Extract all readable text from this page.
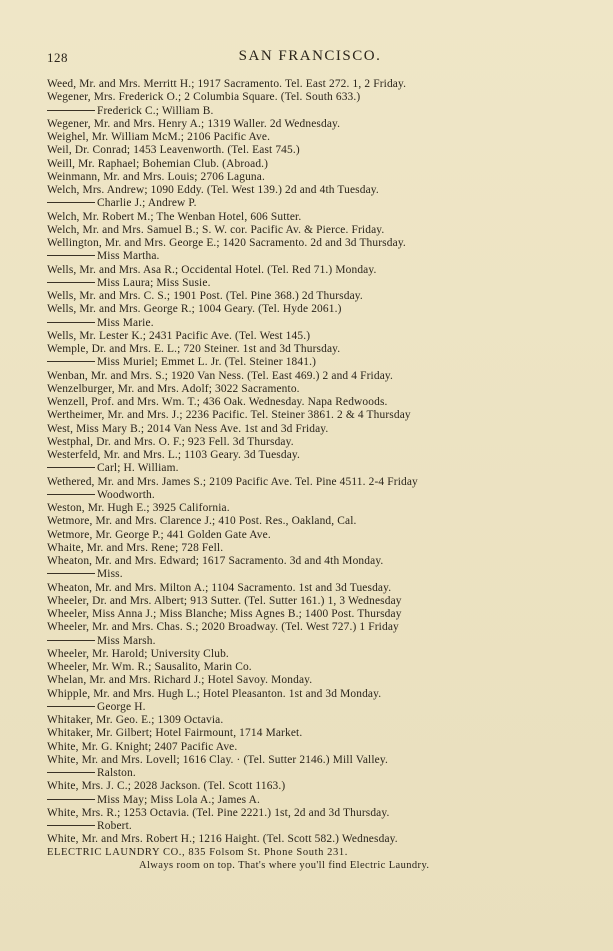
128	SAN FRANCISCO.
Weed, Mr. and Mrs. Merritt H.; 1917 Sacramento. Tel. East 272. 1, 2 Friday.
Wegener, Mrs. Frederick O.; 2 Columbia Square. (Tel. South 633.)
Frederick C.; William B.
Wegener, Mr. and Mrs. Henry A.; 1319 Waller. 2d Wednesday.
Weighel, Mr. William McM.; 2106 Pacific Ave.
Weil, Dr. Conrad; 1453 Leavenworth. (Tel. East 745.)
Weill, Mr. Raphael; Bohemian Club. (Abroad.)
Weinmann, Mr. and Mrs. Louis; 2706 Laguna.
Welch, Mrs. Andrew; 1090 Eddy. (Tel. West 139.) 2d and 4th Tuesday.
Charlie J.; Andrew P.
Welch, Mr. Robert M.; The Wenban Hotel, 606 Sutter.
Welch, Mr. and Mrs. Samuel B.; S. W. cor. Pacific Av. & Pierce. Friday.
Wellington, Mr. and Mrs. George E.; 1420 Sacramento. 2d and 3d Thursday.
Miss Martha.
Wells, Mr. and Mrs. Asa R.; Occidental Hotel. (Tel. Red 71.) Monday.
Miss Laura; Miss Susie.
Wells, Mr. and Mrs. C. S.; 1901 Post. (Tel. Pine 368.) 2d Thursday.
Wells, Mr. and Mrs. George R.; 1004 Geary. (Tel. Hyde 2061.)
Miss Marie.
Wells, Mr. Lester K.; 2431 Pacific Ave. (Tel. West 145.)
Wemple, Dr. and Mrs. E. L.; 720 Steiner. 1st and 3d Thursday.
Miss Muriel; Emmet L. Jr. (Tel. Steiner 1841.)
Wenban, Mr. and Mrs. S.; 1920 Van Ness. (Tel. East 469.) 2 and 4 Friday.
Wenzelburger, Mr. and Mrs. Adolf; 3022 Sacramento.
Wenzell, Prof. and Mrs. Wm. T.; 436 Oak. Wednesday. Napa Redwoods.
Wertheimer, Mr. and Mrs. J.; 2236 Pacific. Tel. Steiner 3861. 2 & 4 Thursday
West, Miss Mary B.; 2014 Van Ness Ave. 1st and 3d Friday.
Westphal, Dr. and Mrs. O. F.; 923 Fell. 3d Thursday.
Westerfeld, Mr. and Mrs. L.; 1103 Geary. 3d Tuesday.
Carl; H. William.
Wethered, Mr. and Mrs. James S.; 2109 Pacific Ave. Tel. Pine 4511. 2-4 Friday
Woodworth.
Weston, Mr. Hugh E.; 3925 California.
Wetmore, Mr. and Mrs. Clarence J.; 410 Post. Res., Oakland, Cal.
Wetmore, Mr. George P.; 441 Golden Gate Ave.
Whaite, Mr. and Mrs. Rene; 728 Fell.
Wheaton, Mr. and Mrs. Edward; 1617 Sacramento. 3d and 4th Monday.
Miss.
Wheaton, Mr. and Mrs. Milton A.; 1104 Sacramento. 1st and 3d Tuesday.
Wheeler, Dr. and Mrs. Albert; 913 Sutter. (Tel. Sutter 161.) 1, 3 Wednesday
Wheeler, Miss Anna J.; Miss Blanche; Miss Agnes B.; 1400 Post. Thursday
Wheeler, Mr. and Mrs. Chas. S.; 2020 Broadway. (Tel. West 727.) 1 Friday
Miss Marsh.
Wheeler, Mr. Harold; University Club.
Wheeler, Mr. Wm. R.; Sausalito, Marin Co.
Whelan, Mr. and Mrs. Richard J.; Hotel Savoy. Monday.
Whipple, Mr. and Mrs. Hugh L.; Hotel Pleasanton. 1st and 3d Monday.
George H.
Whitaker, Mr. Geo. E.; 1309 Octavia.
Whitaker, Mr. Gilbert; Hotel Fairmount, 1714 Market.
White, Mr. G. Knight; 2407 Pacific Ave.
White, Mr. and Mrs. Lovell; 1616 Clay. · (Tel. Sutter 2146.) Mill Valley.
Ralston.
White, Mrs. J. C.; 2028 Jackson. (Tel. Scott 1163.)
Miss May; Miss Lola A.; James A.
White, Mrs. R.; 1253 Octavia. (Tel. Pine 2221.) 1st, 2d and 3d Thursday.
Robert.
White, Mr. and Mrs. Robert H.; 1216 Haight. (Tel. Scott 582.) Wednesday.
ELECTRIC LAUNDRY CO., 835 Folsom St. Phone South 231.
Always room on top. That's where you'll find Electric Laundry.
